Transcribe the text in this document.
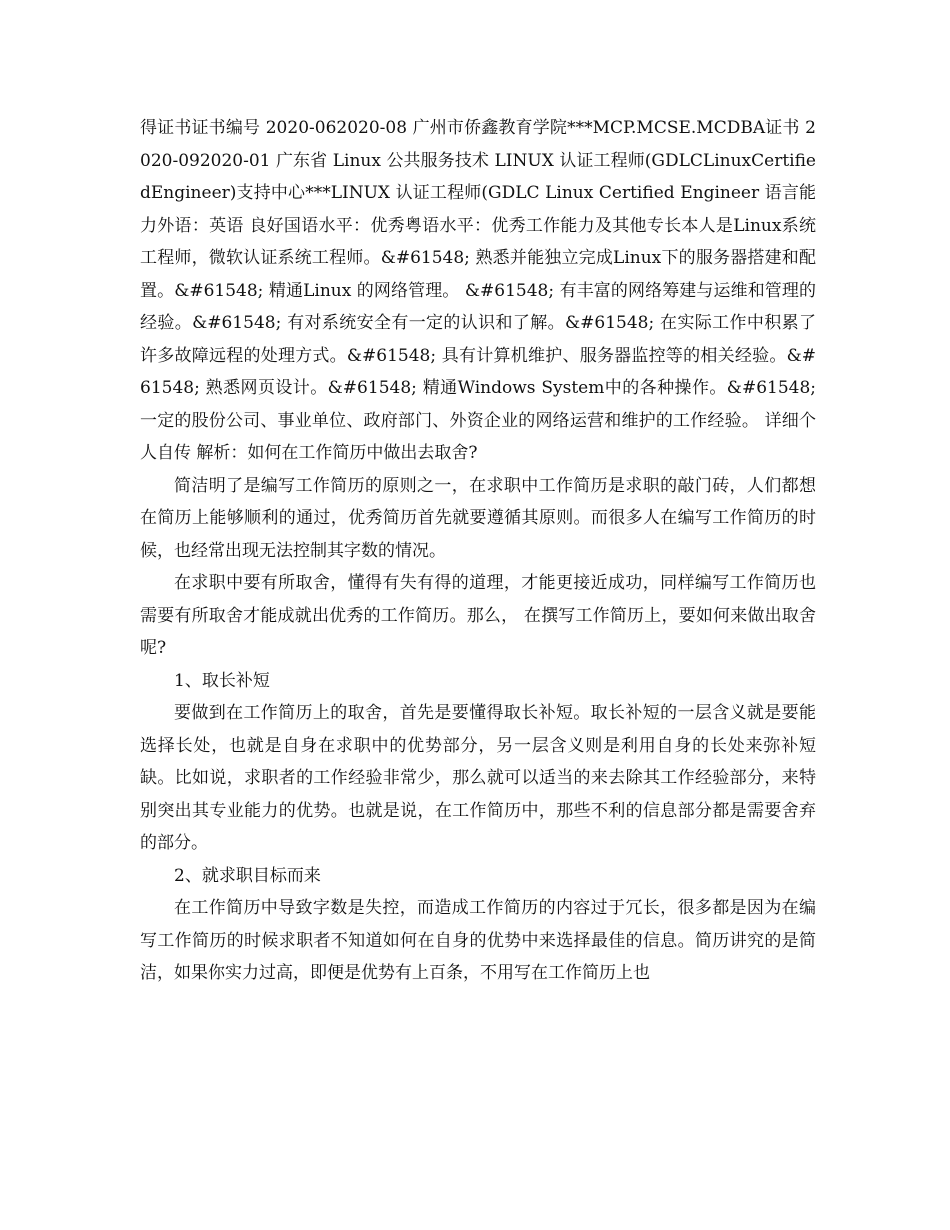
得证书证书编号 2020-062020-08 广州市侨鑫教育学院***MCP.MCSE.MCDBA证书 2020-092020-01 广东省 Linux 公共服务技术 LINUX 认证工程师(GDLCLinuxCertifiedEngineer)支持中心***LINUX 认证工程师(GDLC Linux Certified Engineer 语言能力外语：英语 良好国语水平：优秀粤语水平：优秀工作能力及其他专长本人是Linux系统工程师，微软认证系统工程师。&#61548; 熟悉并能独立完成Linux下的服务器搭建和配置。&#61548; 精通Linux 的网络管理。 &#61548; 有丰富的网络筹建与运维和管理的经验。&#61548; 有对系统安全有一定的认识和了解。&#61548; 在实际工作中积累了许多故障远程的处理方式。&#61548; 具有计算机维护、服务器监控等的相关经验。&#61548; 熟悉网页设计。&#61548; 精通Windows System中的各种操作。&#61548; 一定的股份公司、事业单位、政府部门、外资企业的网络运营和维护的工作经验。 详细个人自传 解析：如何在工作简历中做出去取舍?

简洁明了是编写工作简历的原则之一，在求职中工作简历是求职的敲门砖，人们都想在简历上能够顺利的通过，优秀简历首先就要遵循其原则。而很多人在编写工作简历的时候，也经常出现无法控制其字数的情况。

在求职中要有所取舍，懂得有失有得的道理，才能更接近成功，同样编写工作简历也需要有所取舍才能成就出优秀的工作简历。那么， 在撰写工作简历上，要如何来做出取舍呢?

1、取长补短

要做到在工作简历上的取舍，首先是要懂得取长补短。取长补短的一层含义就是要能选择长处，也就是自身在求职中的优势部分，另一层含义则是利用自身的长处来弥补短缺。比如说，求职者的工作经验非常少，那么就可以适当的来去除其工作经验部分，来特别突出其专业能力的优势。也就是说，在工作简历中，那些不利的信息部分都是需要舍弃的部分。

2、就求职目标而来

在工作简历中导致字数是失控，而造成工作简历的内容过于冗长，很多都是因为在编写工作简历的时候求职者不知道如何在自身的优势中来选择最佳的信息。简历讲究的是简洁，如果你实力过高，即便是优势有上百条，不用写在工作简历上也
